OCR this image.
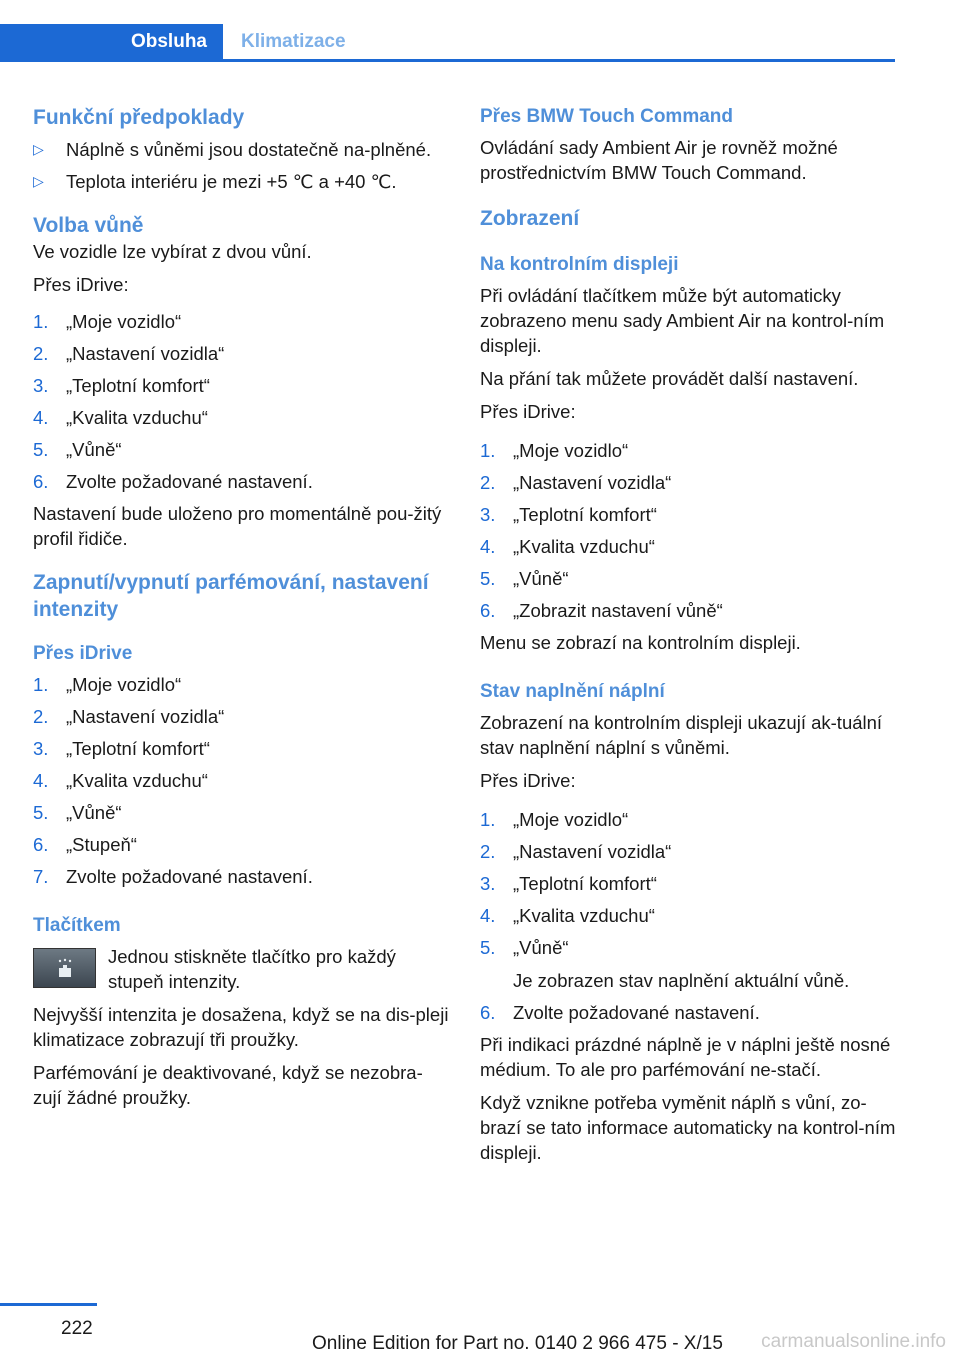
Obsluha Klimatizace
Funkční předpoklady
▷ Náplně s vůněmi jsou dostatečně na-plněné.
▷ Teplota interiéru je mezi +5 ℃ a +40 ℃.
Volba vůně
Ve vozidle lze vybírat z dvou vůní.
Přes iDrive:
1. „Moje vozidlo“
2. „Nastavení vozidla“
3. „Teplotní komfort“
4. „Kvalita vzduchu“
5. „Vůně“
6. Zvolte požadované nastavení.
Nastavení bude uloženo pro momentálně pou-žitý profil řidiče.
Zapnutí/vypnutí parfémování, nastavení intenzity
Přes iDrive
1. „Moje vozidlo“
2. „Nastavení vozidla“
3. „Teplotní komfort“
4. „Kvalita vzduchu“
5. „Vůně“
6. „Stupeň“
7. Zvolte požadované nastavení.
Tlačítkem
Jednou stiskněte tlačítko pro každý stupeň intenzity.
Nejvyšší intenzita je dosažena, když se na dis-pleji klimatizace zobrazují tři proužky.
Parfémování je deaktivované, když se nezobra-zují žádné proužky.
Přes BMW Touch Command
Ovládání sady Ambient Air je rovněž možné prostřednictvím BMW Touch Command.
Zobrazení
Na kontrolním displeji
Při ovládání tlačítkem může být automaticky zobrazeno menu sady Ambient Air na kontrol-ním displeji.
Na přání tak můžete provádět další nastavení.
Přes iDrive:
1. „Moje vozidlo“
2. „Nastavení vozidla“
3. „Teplotní komfort“
4. „Kvalita vzduchu“
5. „Vůně“
6. „Zobrazit nastavení vůně“
Menu se zobrazí na kontrolním displeji.
Stav naplnění náplní
Zobrazení na kontrolním displeji ukazují ak-tuální stav naplnění náplní s vůněmi.
Přes iDrive:
1. „Moje vozidlo“
2. „Nastavení vozidla“
3. „Teplotní komfort“
4. „Kvalita vzduchu“
5. „Vůně“
Je zobrazen stav naplnění aktuální vůně.
6. Zvolte požadované nastavení.
Při indikaci prázdné náplně je v náplni ještě nosné médium. To ale pro parfémování ne-stačí.
Když vznikne potřeba vyměnit náplň s vůní, zo-brazí se tato informace automaticky na kontrol-ním displeji.
222
Online Edition for Part no. 0140 2 966 475 - X/15 carmanualsonline.info
